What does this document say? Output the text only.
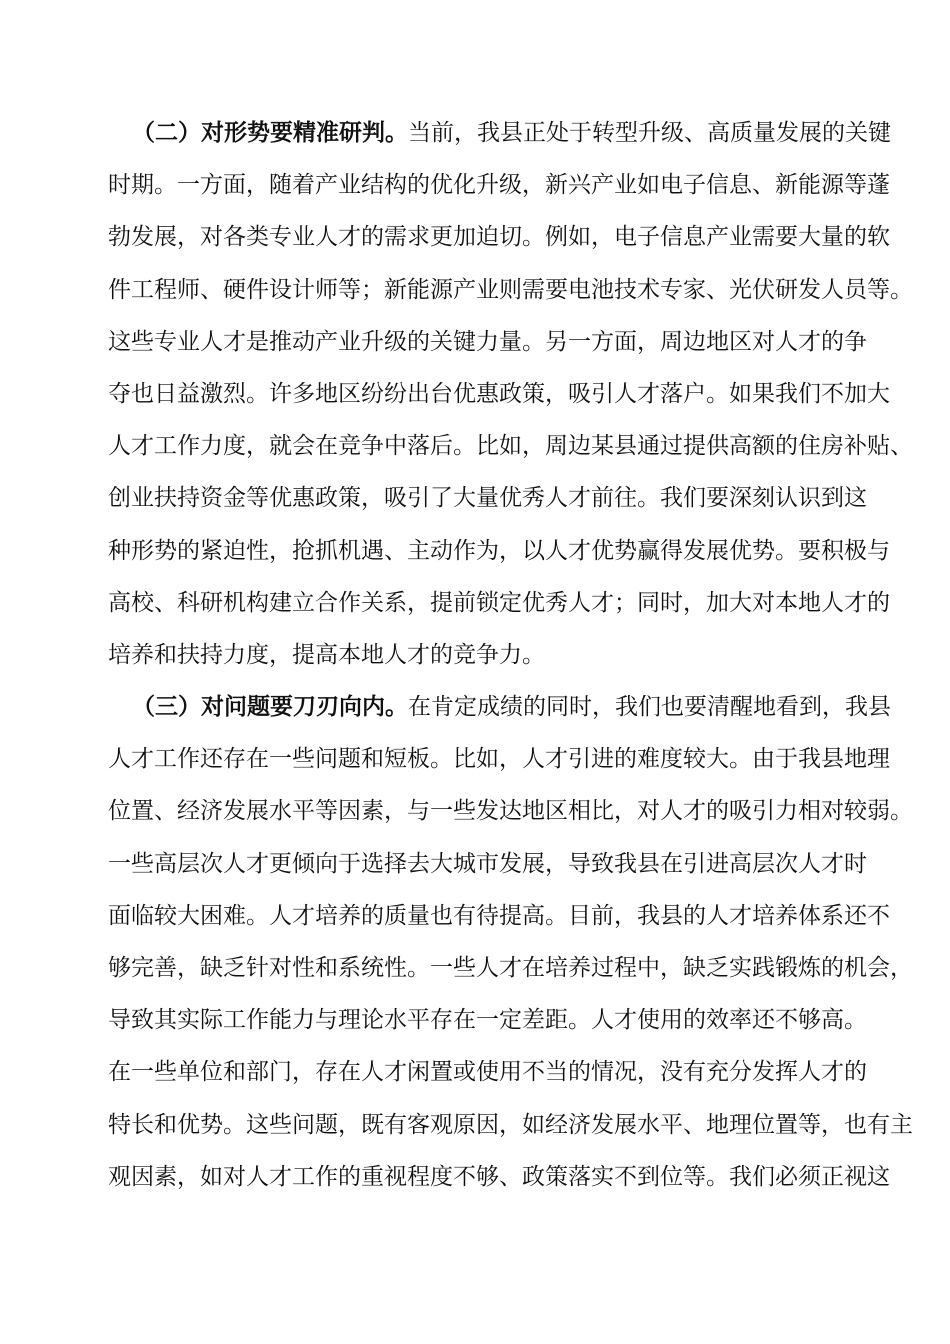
（二）对形势要精准研判。当前，我县正处于转型升级、高质量发展的关键
时期。一方面，随着产业结构的优化升级，新兴产业如电子信息、新能源等蓬
勃发展，对各类专业人才的需求更加迫切。例如，电子信息产业需要大量的软
件工程师、硬件设计师等；新能源产业则需要电池技术专家、光伏研发人员等。
这些专业人才是推动产业升级的关键力量。另一方面，周边地区对人才的争
夺也日益激烈。许多地区纷纷出台优惠政策，吸引人才落户。如果我们不加大
人才工作力度，就会在竞争中落后。比如，周边某县通过提供高额的住房补贴、
创业扶持资金等优惠政策，吸引了大量优秀人才前往。我们要深刻认识到这
种形势的紧迫性，抢抓机遇、主动作为，以人才优势赢得发展优势。要积极与
高校、科研机构建立合作关系，提前锁定优秀人才；同时，加大对本地人才的
培养和扶持力度，提高本地人才的竞争力。
（三）对问题要刀刃向内。在肯定成绩的同时，我们也要清醒地看到，我县
人才工作还存在一些问题和短板。比如，人才引进的难度较大。由于我县地理
位置、经济发展水平等因素，与一些发达地区相比，对人才的吸引力相对较弱。
一些高层次人才更倾向于选择去大城市发展，导致我县在引进高层次人才时
面临较大困难。人才培养的质量也有待提高。目前，我县的人才培养体系还不
够完善，缺乏针对性和系统性。一些人才在培养过程中，缺乏实践锻炼的机会，
导致其实际工作能力与理论水平存在一定差距。人才使用的效率还不够高。
在一些单位和部门，存在人才闲置或使用不当的情况，没有充分发挥人才的
特长和优势。这些问题，既有客观原因，如经济发展水平、地理位置等，也有主
观因素，如对人才工作的重视程度不够、政策落实不到位等。我们必须正视这
